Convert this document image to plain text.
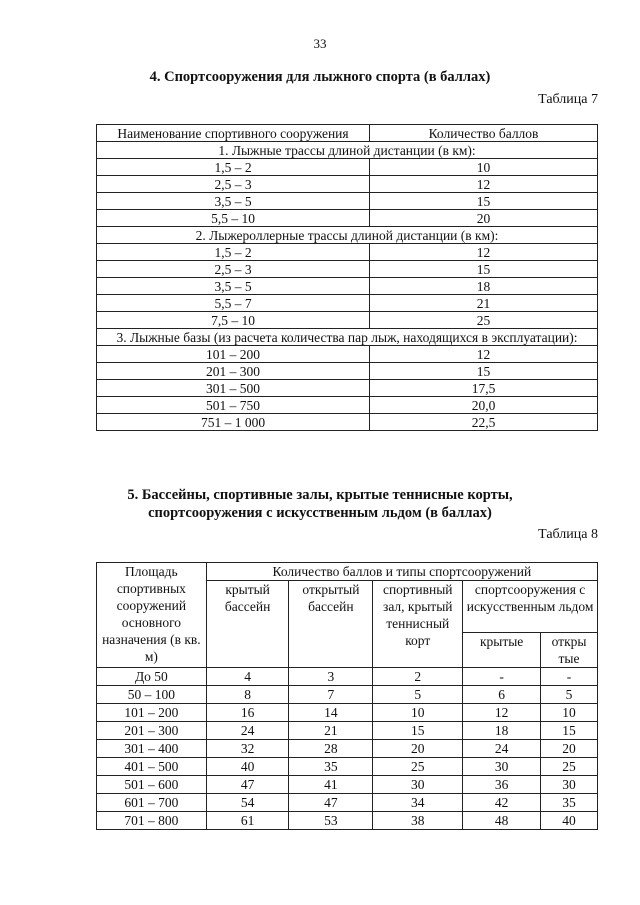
33
4. Спортсооружения для лыжного спорта (в баллах)
Таблица 7
Наименование спортивного сооружения	Количество баллов
1. Лыжные трассы длиной дистанции (в км):	
1,5 – 2	10
2,5 – 3	12
3,5 – 5	15
5,5 – 10	20
2. Лыжероллерные трассы длиной дистанции (в км):	
1,5 – 2	12
2,5 – 3	15
3,5 – 5	18
5,5 – 7	21
7,5 – 10	25
3. Лыжные базы (из расчета количества пар лыж, находящихся в эксплуатации):	
101 – 200	12
201 – 300	15
301 – 500	17,5
501 – 750	20,0
751 – 1 000	22,5
5. Бассейны, спортивные залы, крытые теннисные корты,
спортсооружения с искусственным льдом (в баллах)
Таблица 8
Площадь спортивных сооружений основного назначения (в кв. м)	Количество баллов и типы спортсооружений				
	крытый бассейн	открытый бассейн	спортивный зал, крытый теннисный корт	спортсооружения с искусственным льдом	
				крытые	откры тые
До 50	4	3	2	-	-
50 – 100	8	7	5	6	5
101 – 200	16	14	10	12	10
201 – 300	24	21	15	18	15
301 – 400	32	28	20	24	20
401 – 500	40	35	25	30	25
501 – 600	47	41	30	36	30
601 – 700	54	47	34	42	35
701 – 800	61	53	38	48	40
